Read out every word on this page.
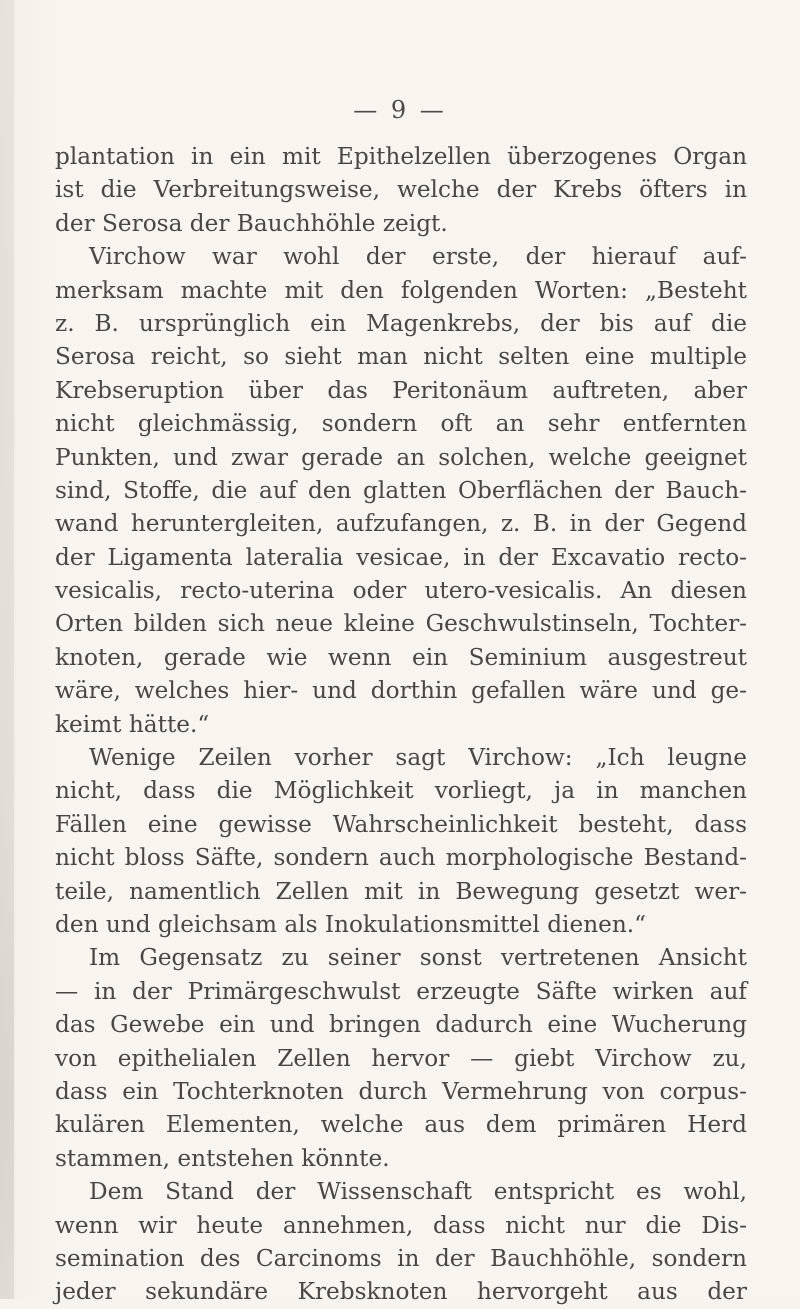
— 9 —
plantation in ein mit Epithelzellen überzogenes Organ
ist die Verbreitungsweise, welche der Krebs öfters in
der Serosa der Bauchhöhle zeigt.
Virchow war wohl der erste, der hierauf auf-
merksam machte mit den folgenden Worten: „Besteht
z. B. ursprünglich ein Magenkrebs, der bis auf die
Serosa reicht, so sieht man nicht selten eine multiple
Krebseruption über das Peritonäum auftreten, aber
nicht gleichmässig, sondern oft an sehr entfernten
Punkten, und zwar gerade an solchen, welche geeignet
sind, Stoffe, die auf den glatten Oberflächen der Bauch-
wand heruntergleiten, aufzufangen, z. B. in der Gegend
der Ligamenta lateralia vesicae, in der Excavatio recto-
vesicalis, recto-uterina oder utero-vesicalis. An diesen
Orten bilden sich neue kleine Geschwulstinseln, Tochter-
knoten, gerade wie wenn ein Seminium ausgestreut
wäre, welches hier- und dorthin gefallen wäre und ge-
keimt hätte.“
Wenige Zeilen vorher sagt Virchow: „Ich leugne
nicht, dass die Möglichkeit vorliegt, ja in manchen
Fällen eine gewisse Wahrscheinlichkeit besteht, dass
nicht bloss Säfte, sondern auch morphologische Bestand-
teile, namentlich Zellen mit in Bewegung gesetzt wer-
den und gleichsam als Inokulationsmittel dienen.“
Im Gegensatz zu seiner sonst vertretenen Ansicht
— in der Primärgeschwulst erzeugte Säfte wirken auf
das Gewebe ein und bringen dadurch eine Wucherung
von epithelialen Zellen hervor — giebt Virchow zu,
dass ein Tochterknoten durch Vermehrung von corpus-
kulären Elementen, welche aus dem primären Herd
stammen, entstehen könnte.
Dem Stand der Wissenschaft entspricht es wohl,
wenn wir heute annehmen, dass nicht nur die Dis-
semination des Carcinoms in der Bauchhöhle, sondern
jeder sekundäre Krebsknoten hervorgeht aus der
